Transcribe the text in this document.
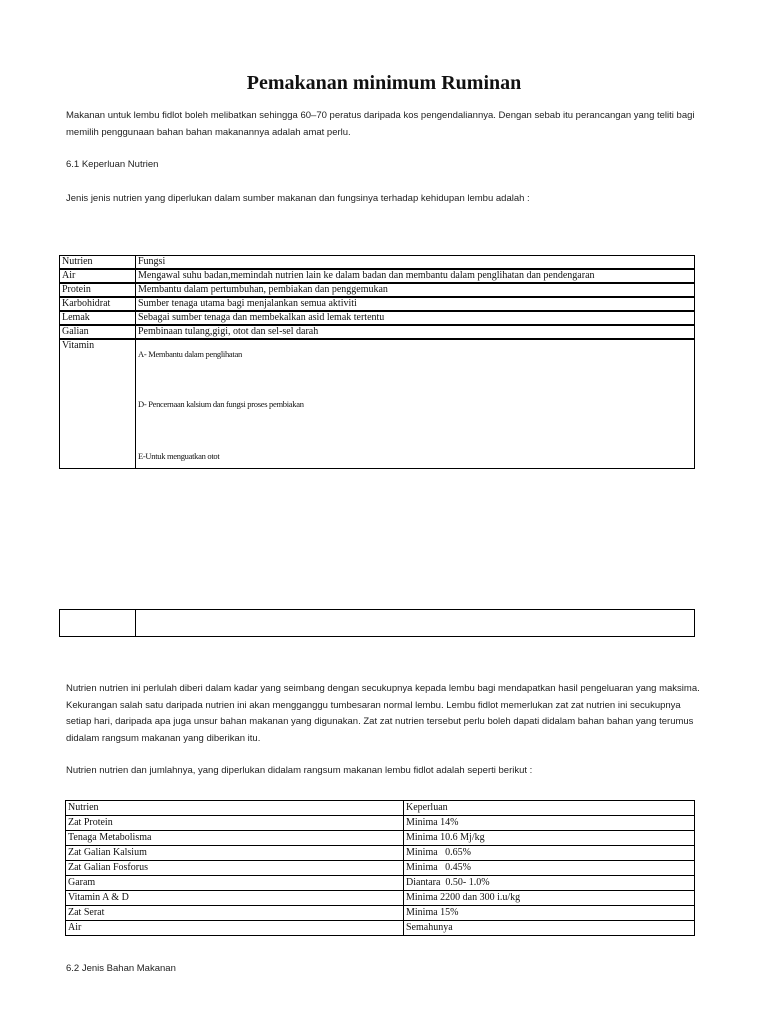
Pemakanan minimum Ruminan
Makanan untuk lembu fidlot boleh melibatkan sehingga 60–70 peratus daripada kos pengendaliannya. Dengan sebab itu perancangan yang teliti bagi memilih penggunaan bahan bahan makanannya adalah amat perlu.
6.1 Keperluan Nutrien
Jenis jenis nutrien yang diperlukan dalam sumber makanan dan fungsinya terhadap kehidupan lembu adalah :
Nutrien	Fungsi
Air	Mengawal suhu badan,memindah nutrien lain ke dalam badan dan membantu dalam penglihatan dan pendengaran
Protein	Membantu dalam pertumbuhan, pembiakan dan penggemukan
Karbohidrat	Sumber tenaga utama bagi menjalankan semua aktiviti
Lemak	Sebagai sumber tenaga dan membekalkan asid lemak tertentu
Galian	Pembinaan tulang,gigi, otot dan sel-sel darah
Vitamin	A- Membantu dalam penglihatan
D- Pencernaan kalsium dan fungsi proses pembiakan
E-Untuk menguatkan otot

Nutrien nutrien ini perlulah diberi dalam kadar yang seimbang dengan secukupnya kepada lembu bagi mendapatkan hasil pengeluaran yang maksima. Kekurangan salah satu daripada nutrien ini akan mengganggu tumbesaran normal lembu. Lembu fidlot memerlukan zat zat nutrien ini secukupnya setiap hari, daripada apa juga unsur bahan makanan yang digunakan. Zat zat nutrien tersebut perlu boleh dapati didalam bahan bahan yang terumus didalam rangsum makanan yang diberikan itu.
Nutrien nutrien dan jumlahnya, yang diperlukan didalam rangsum makanan lembu fidlot adalah seperti berikut :
Nutrien	Keperluan
Zat Protein	Minima 14%
Tenaga Metabolisma	Minima 10.6 Mj/kg
Zat Galian Kalsium	Minima   0.65%
Zat Galian Fosforus	Minima   0.45%
Garam	Diantara  0.50- 1.0%
Vitamin A & D	Minima 2200 dan 300 i.u/kg
Zat Serat	Minima 15%
Air	Semahunya
6.2 Jenis Bahan Makanan
